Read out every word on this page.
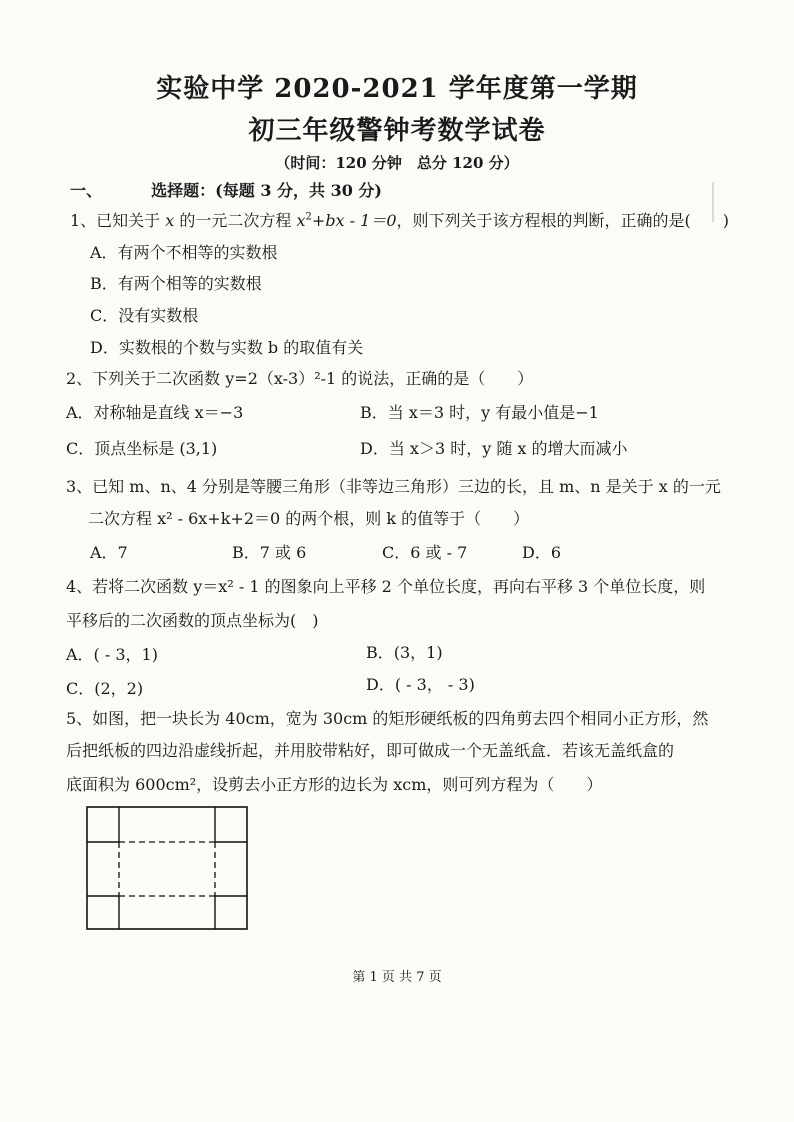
实验中学 2020-2021 学年度第一学期
初三年级警钟考数学试卷
（时间：120 分钟　总分 120 分）
一、	选择题：(每题 3 分，共 30 分)
1、已知关于 x 的一元二次方程 $x^2+bx - 1=0$，则下列关于该方程根的判断，正确的是(　　)
A．有两个不相等的实数根
B．有两个相等的实数根
C．没有实数根
D．实数根的个数与实数 b 的取值有关
2、下列关于二次函数 y=2（x-3）²-1 的说法，正确的是（　　）
A．对称轴是直线 x＝−3	B．当 x＝3 时，y 有最小值是−1
C．顶点坐标是 (3,1)	D．当 x＞3 时，y 随 x 的增大而减小
3、已知 m、n、4 分别是等腰三角形（非等边三角形）三边的长，且 m、n 是关于 x 的一元
二次方程 x² - 6x+k+2＝0 的两个根，则 k 的值等于（　　）
A．7	B．7 或 6	C．6 或 - 7	D．6
4、若将二次函数 y＝x² - 1 的图象向上平移 2 个单位长度，再向右平移 3 个单位长度，则
平移后的二次函数的顶点坐标为(　)
A．( - 3，1)	B．(3，1)
C．(2，2)	D．( - 3， - 3)
5、如图，把一块长为 40cm，宽为 30cm 的矩形硬纸板的四角剪去四个相同小正方形，然
后把纸板的四边沿虚线折起，并用胶带粘好，即可做成一个无盖纸盒．若该无盖纸盒的
底面积为 600cm²，设剪去小正方形的边长为 xcm，则可列方程为（　　）
第 1 页 共 7 页
